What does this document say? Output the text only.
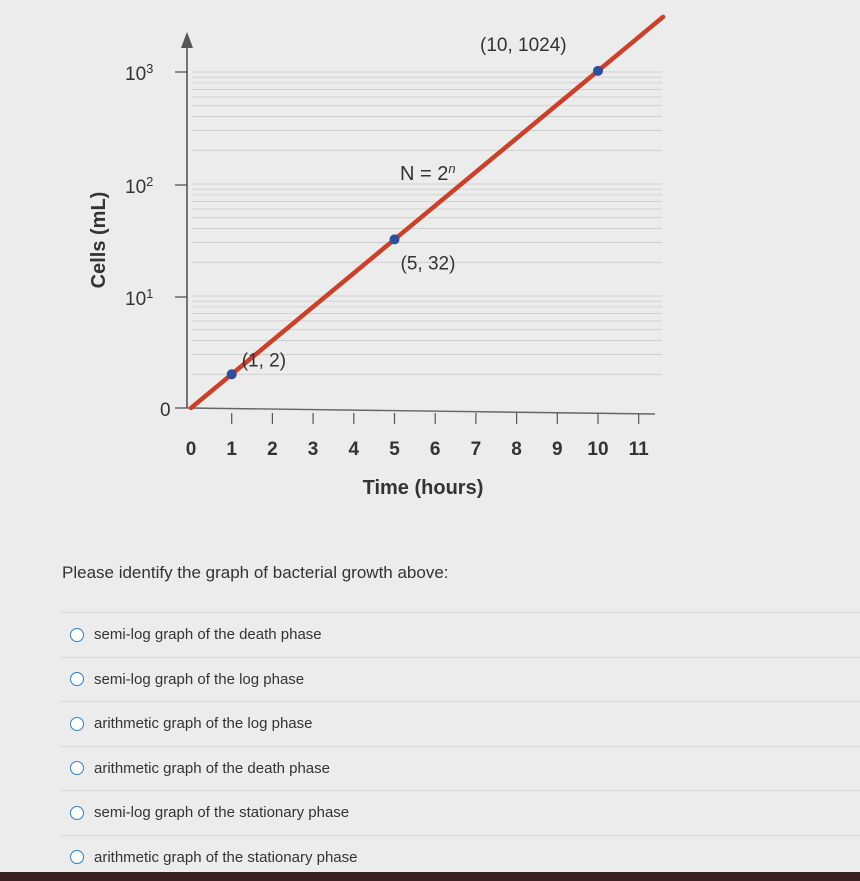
0
$10^1$
$10^2$
$10^3$
0 1 2 3 4 5 6 7 8 9 10 11
Time (hours)
Cells (mL)
(1, 2)
(5, 32)
(10, 1024)
$N = 2^n$
Please identify the graph of bacterial growth above:
semi-log graph of the death phase
semi-log graph of the log phase
arithmetic graph of the log phase
arithmetic graph of the death phase
semi-log graph of the stationary phase
arithmetic graph of the stationary phase
